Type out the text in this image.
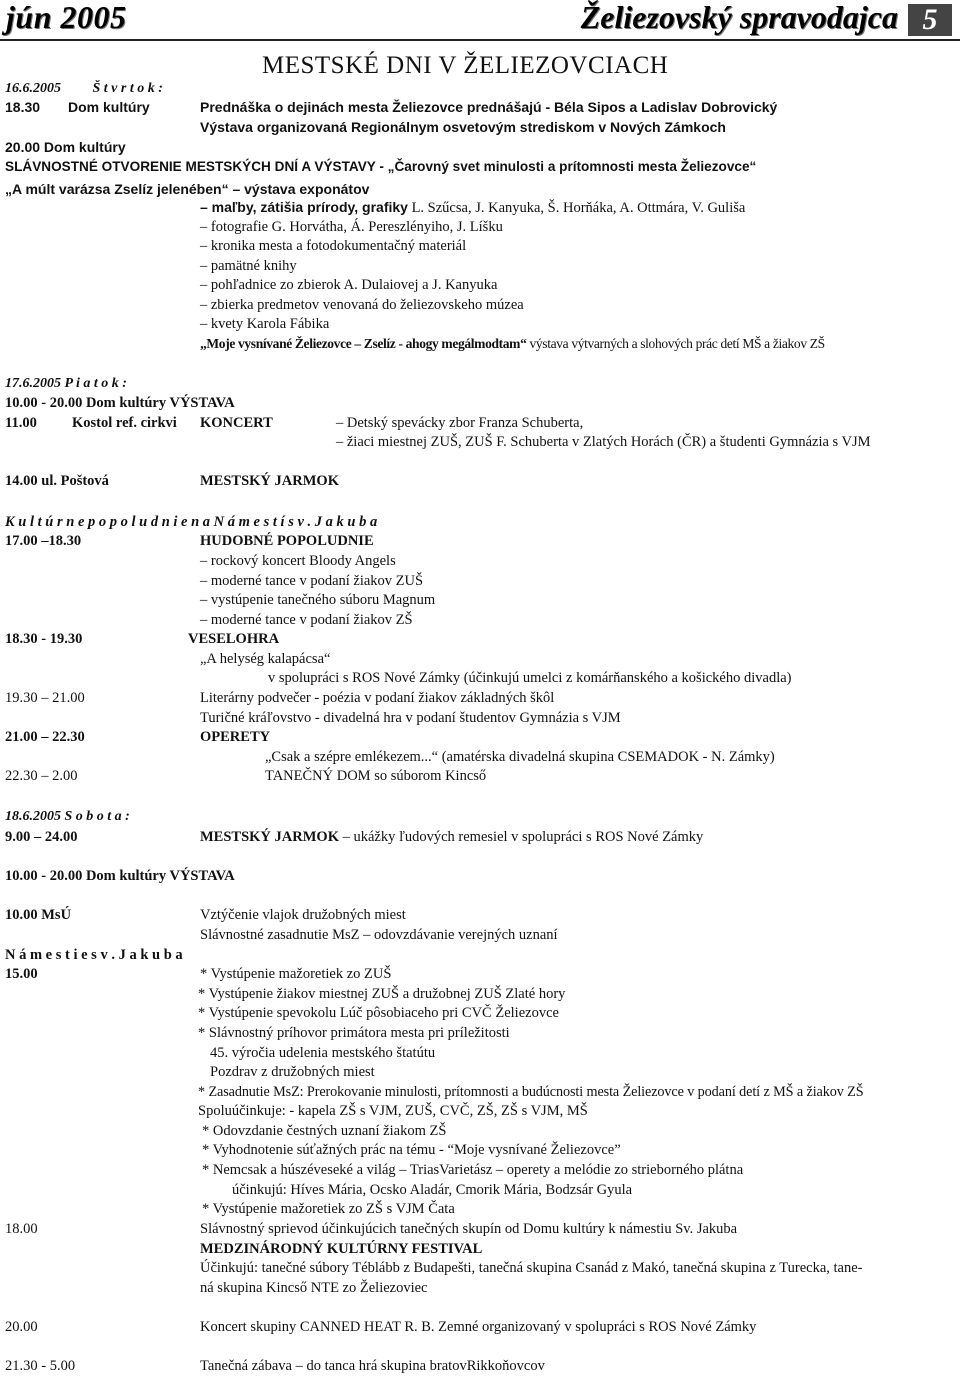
jún 2005	Želiezovský spravodajca 5
MESTSKÉ DNI V ŽELIEZOVCIACH
16.6.2005 Š t v r t o k :
18.30 Dom kultúry	Prednáška o dejinách mesta Želiezovce prednášajú - Béla Sipos a Ladislav Dobrovický
Výstava organizovaná Regionálnym osvetovým strediskom v Nových Zámkoch
20.00 Dom kultúry
SLÁVNOSTNÉ OTVORENIE MESTSKÝCH DNÍ A VÝSTAVY - „Čarovný svet minulosti a prítomnosti mesta Želiezovce“
„A múlt varázsa Zselíz jelenében“ – výstava exponátov
– maľby, zátišia prírody, grafiky L. Szűcsa, J. Kanyuka, Š. Horňáka, A. Ottmára, V. Guliša
– fotografie G. Horvátha, Á. Pereszlényiho, J. Líšku
– kronika mesta a fotodokumentačný materiál
– pamätné knihy
– pohľadnice zo zbierok A. Dulaiovej a J. Kanyuka
– zbierka predmetov venovaná do želiezovskeho múzea
– kvety Karola Fábika
„Moje vysnívané Želiezovce – Zselíz - ahogy megálmodtam“ výstava výtvarných a slohových prác detí MŠ a žiakov ZŠ
17.6.2005 P i a t o k :
10.00 - 20.00 Dom kultúry VÝSTAVA
11.00 Kostol ref. cirkvi KONCERT	– Detský spevácky zbor Franza Schuberta,
– žiaci miestnej ZUŠ, ZUŠ F. Schuberta v Zlatých Horách (ČR) a študenti Gymnázia s VJM
14.00 ul. Poštová	MESTSKÝ JARMOK
K u l t ú r n e p o p o l u d n i e n a N á m e s t í s v . J a k u b a
17.00 –18.30	HUDOBNÉ POPOLUDNIE
– rockový koncert Bloody Angels
– moderné tance v podaní žiakov ZUŠ
– vystúpenie tanečného súboru Magnum
– moderné tance v podaní žiakov ZŠ
18.30 - 19.30	VESELOHRA
„A helység kalapácsa“
v spolupráci s ROS Nové Zámky (účinkujú umelci z komárňanského a košického divadla)
19.30 – 21.00	Literárny podvečer - poézia v podaní žiakov základných škôl
Turičné kráľovstvo - divadelná hra v podaní študentov Gymnázia s VJM
21.00 – 22.30	OPERETY
„Csak a szépre emlékezem...“ (amatérska divadelná skupina CSEMADOK - N. Zámky)
22.30 – 2.00	TANEČNÝ DOM so súborom Kincső
18.6.2005 S o b o t a :
9.00 – 24.00	MESTSKÝ JARMOK – ukážky ľudových remesiel v spolupráci s ROS Nové Zámky
10.00 - 20.00 Dom kultúry VÝSTAVA
10.00 MsÚ	Vztýčenie vlajok družobných miest
Slávnostné zasadnutie MsZ – odovzdávanie verejných uznaní
N á m e s t i e s v . J a k u b a
15.00	* Vystúpenie mažoretiek zo ZUŠ
* Vystúpenie žiakov miestnej ZUŠ a družobnej ZUŠ Zlaté hory
* Vystúpenie spevokolu Lúč pôsobiaceho pri CVČ Želiezovce
* Slávnostný príhovor primátora mesta pri príležitosti
45. výročia udelenia mestského štatútu
Pozdrav z družobných miest
* Zasadnutie MsZ: Prerokovanie minulosti, prítomnosti a budúcnosti mesta Želiezovce v podaní detí z MŠ a žiakov ZŠ
Spoluúčinkuje: - kapela ZŠ s VJM, ZUŠ, CVČ, ZŠ, ZŠ s VJM, MŠ
* Odovzdanie čestných uznaní žiakom ZŠ
* Vyhodnotenie súťažných prác na tému - “Moje vysnívané Želiezovce”
* Nemcsak a húszéveseké a világ – TriasVarietász – operety a melódie zo strieborného plátna
účinkujú: Híves Mária, Ocsko Aladár, Cmorik Mária, Bodzsár Gyula
* Vystúpenie mažoretiek zo ZŠ s VJM Čata
18.00	Slávnostný sprievod účinkujúcich tanečných skupín od Domu kultúry k námestiu Sv. Jakuba
MEDZINÁRODNÝ KULTÚRNY FESTIVAL
Účinkujú: tanečné súbory Téblább z Budapešti, tanečná skupina Csanád z Makó, tanečná skupina z Turecka, tane-
ná skupina Kincső NTE zo Želiezoviec
20.00	Koncert skupiny CANNED HEAT R. B. Zemné organizovaný v spolupráci s ROS Nové Zámky
21.30 - 5.00	Tanečná zábava – do tanca hrá skupina bratovRikkoňovcov
